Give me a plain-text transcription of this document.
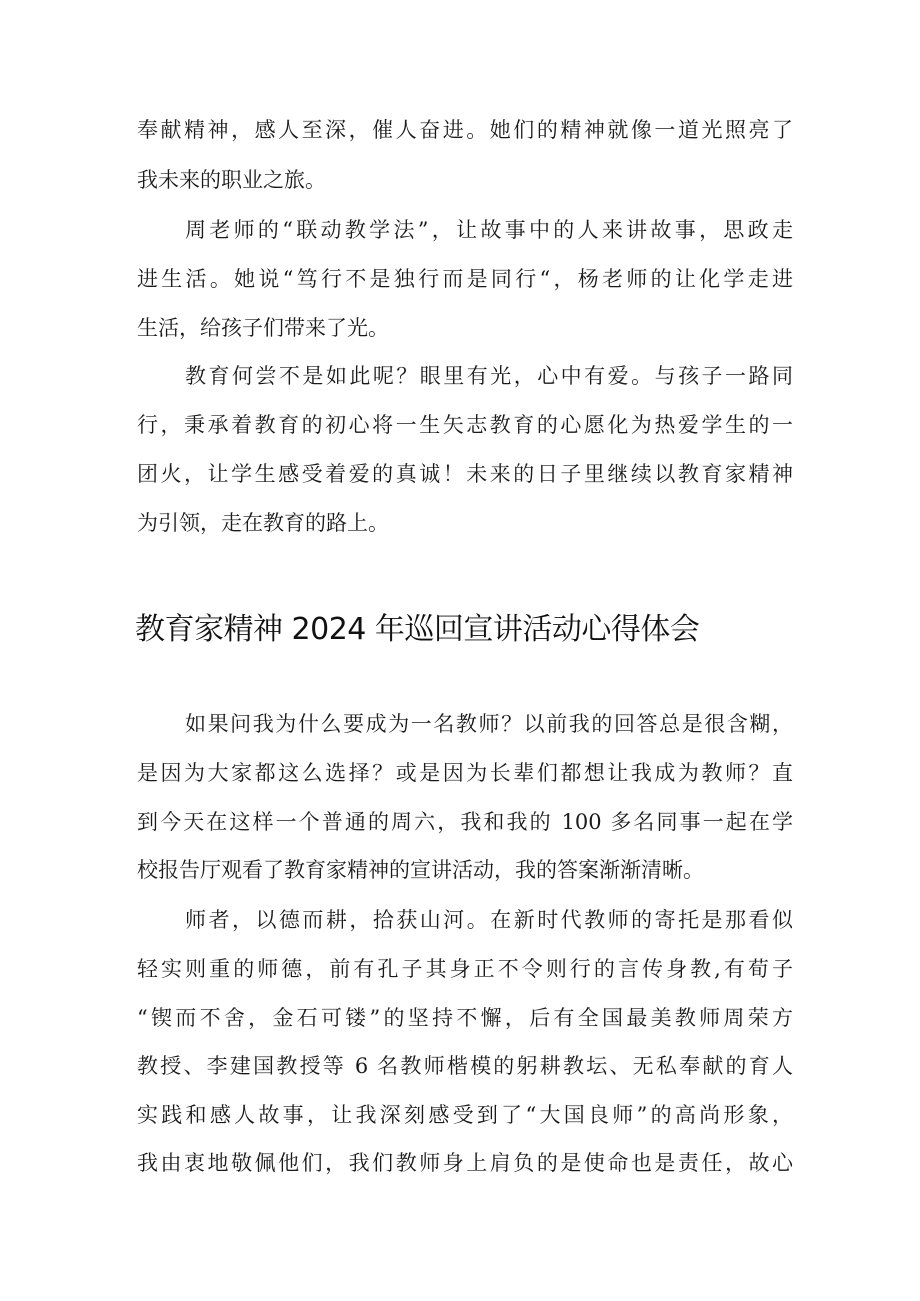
奉献精神，感人至深，催人奋进。她们的精神就像一道光照亮了

我未来的职业之旅。

周老师的“联动教学法”，让故事中的人来讲故事，思政走

进生活。她说“笃行不是独行而是同行“，杨老师的让化学走进

生活，给孩子们带来了光。

教育何尝不是如此呢？眼里有光，心中有爱。与孩子一路同

行，秉承着教育的初心将一生矢志教育的心愿化为热爱学生的一

团火，让学生感受着爱的真诚！未来的日子里继续以教育家精神

为引领，走在教育的路上。

教育家精神 2024 年巡回宣讲活动心得体会

如果问我为什么要成为一名教师？以前我的回答总是很含糊，

是因为大家都这么选择？或是因为长辈们都想让我成为教师？直

到今天在这样一个普通的周六，我和我的 100 多名同事一起在学

校报告厅观看了教育家精神的宣讲活动，我的答案渐渐清晰。

师者，以德而耕，拾获山河。在新时代教师的寄托是那看似

轻实则重的师德，前有孔子其身正不令则行的言传身教,有荀子

“锲而不舍，金石可镂”的坚持不懈，后有全国最美教师周荣方

教授、李建国教授等 6 名教师楷模的躬耕教坛、无私奉献的育人

实践和感人故事，让我深刻感受到了“大国良师”的高尚形象，

我由衷地敬佩他们，我们教师身上肩负的是使命也是责任，故心
